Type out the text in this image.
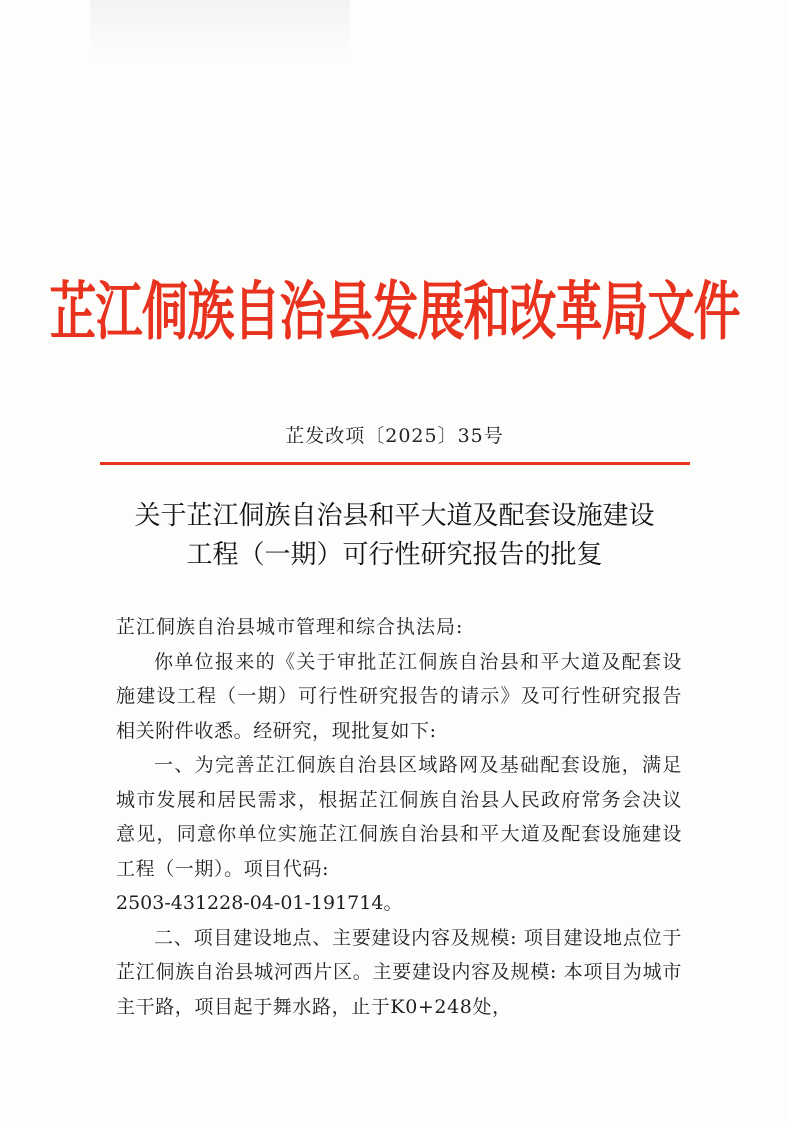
芷江侗族自治县发展和改革局文件
芷发改项〔2025〕35号
关于芷江侗族自治县和平大道及配套设施建设
工程（一期）可行性研究报告的批复

芷江侗族自治县城市管理和综合执法局:

你单位报来的《关于审批芷江侗族自治县和平大道及配套设施建设工程（一期）可行性研究报告的请示》及可行性研究报告相关附件收悉。经研究，现批复如下:

一、为完善芷江侗族自治县区域路网及基础配套设施，满足城市发展和居民需求，根据芷江侗族自治县人民政府常务会决议意见，同意你单位实施芷江侗族自治县和平大道及配套设施建设工程（一期）。项目代码:

2503-431228-04-01-191714。

二、项目建设地点、主要建设内容及规模: 项目建设地点位于芷江侗族自治县城河西片区。主要建设内容及规模: 本项目为城市主干路，项目起于舞水路，止于K0+248处，
